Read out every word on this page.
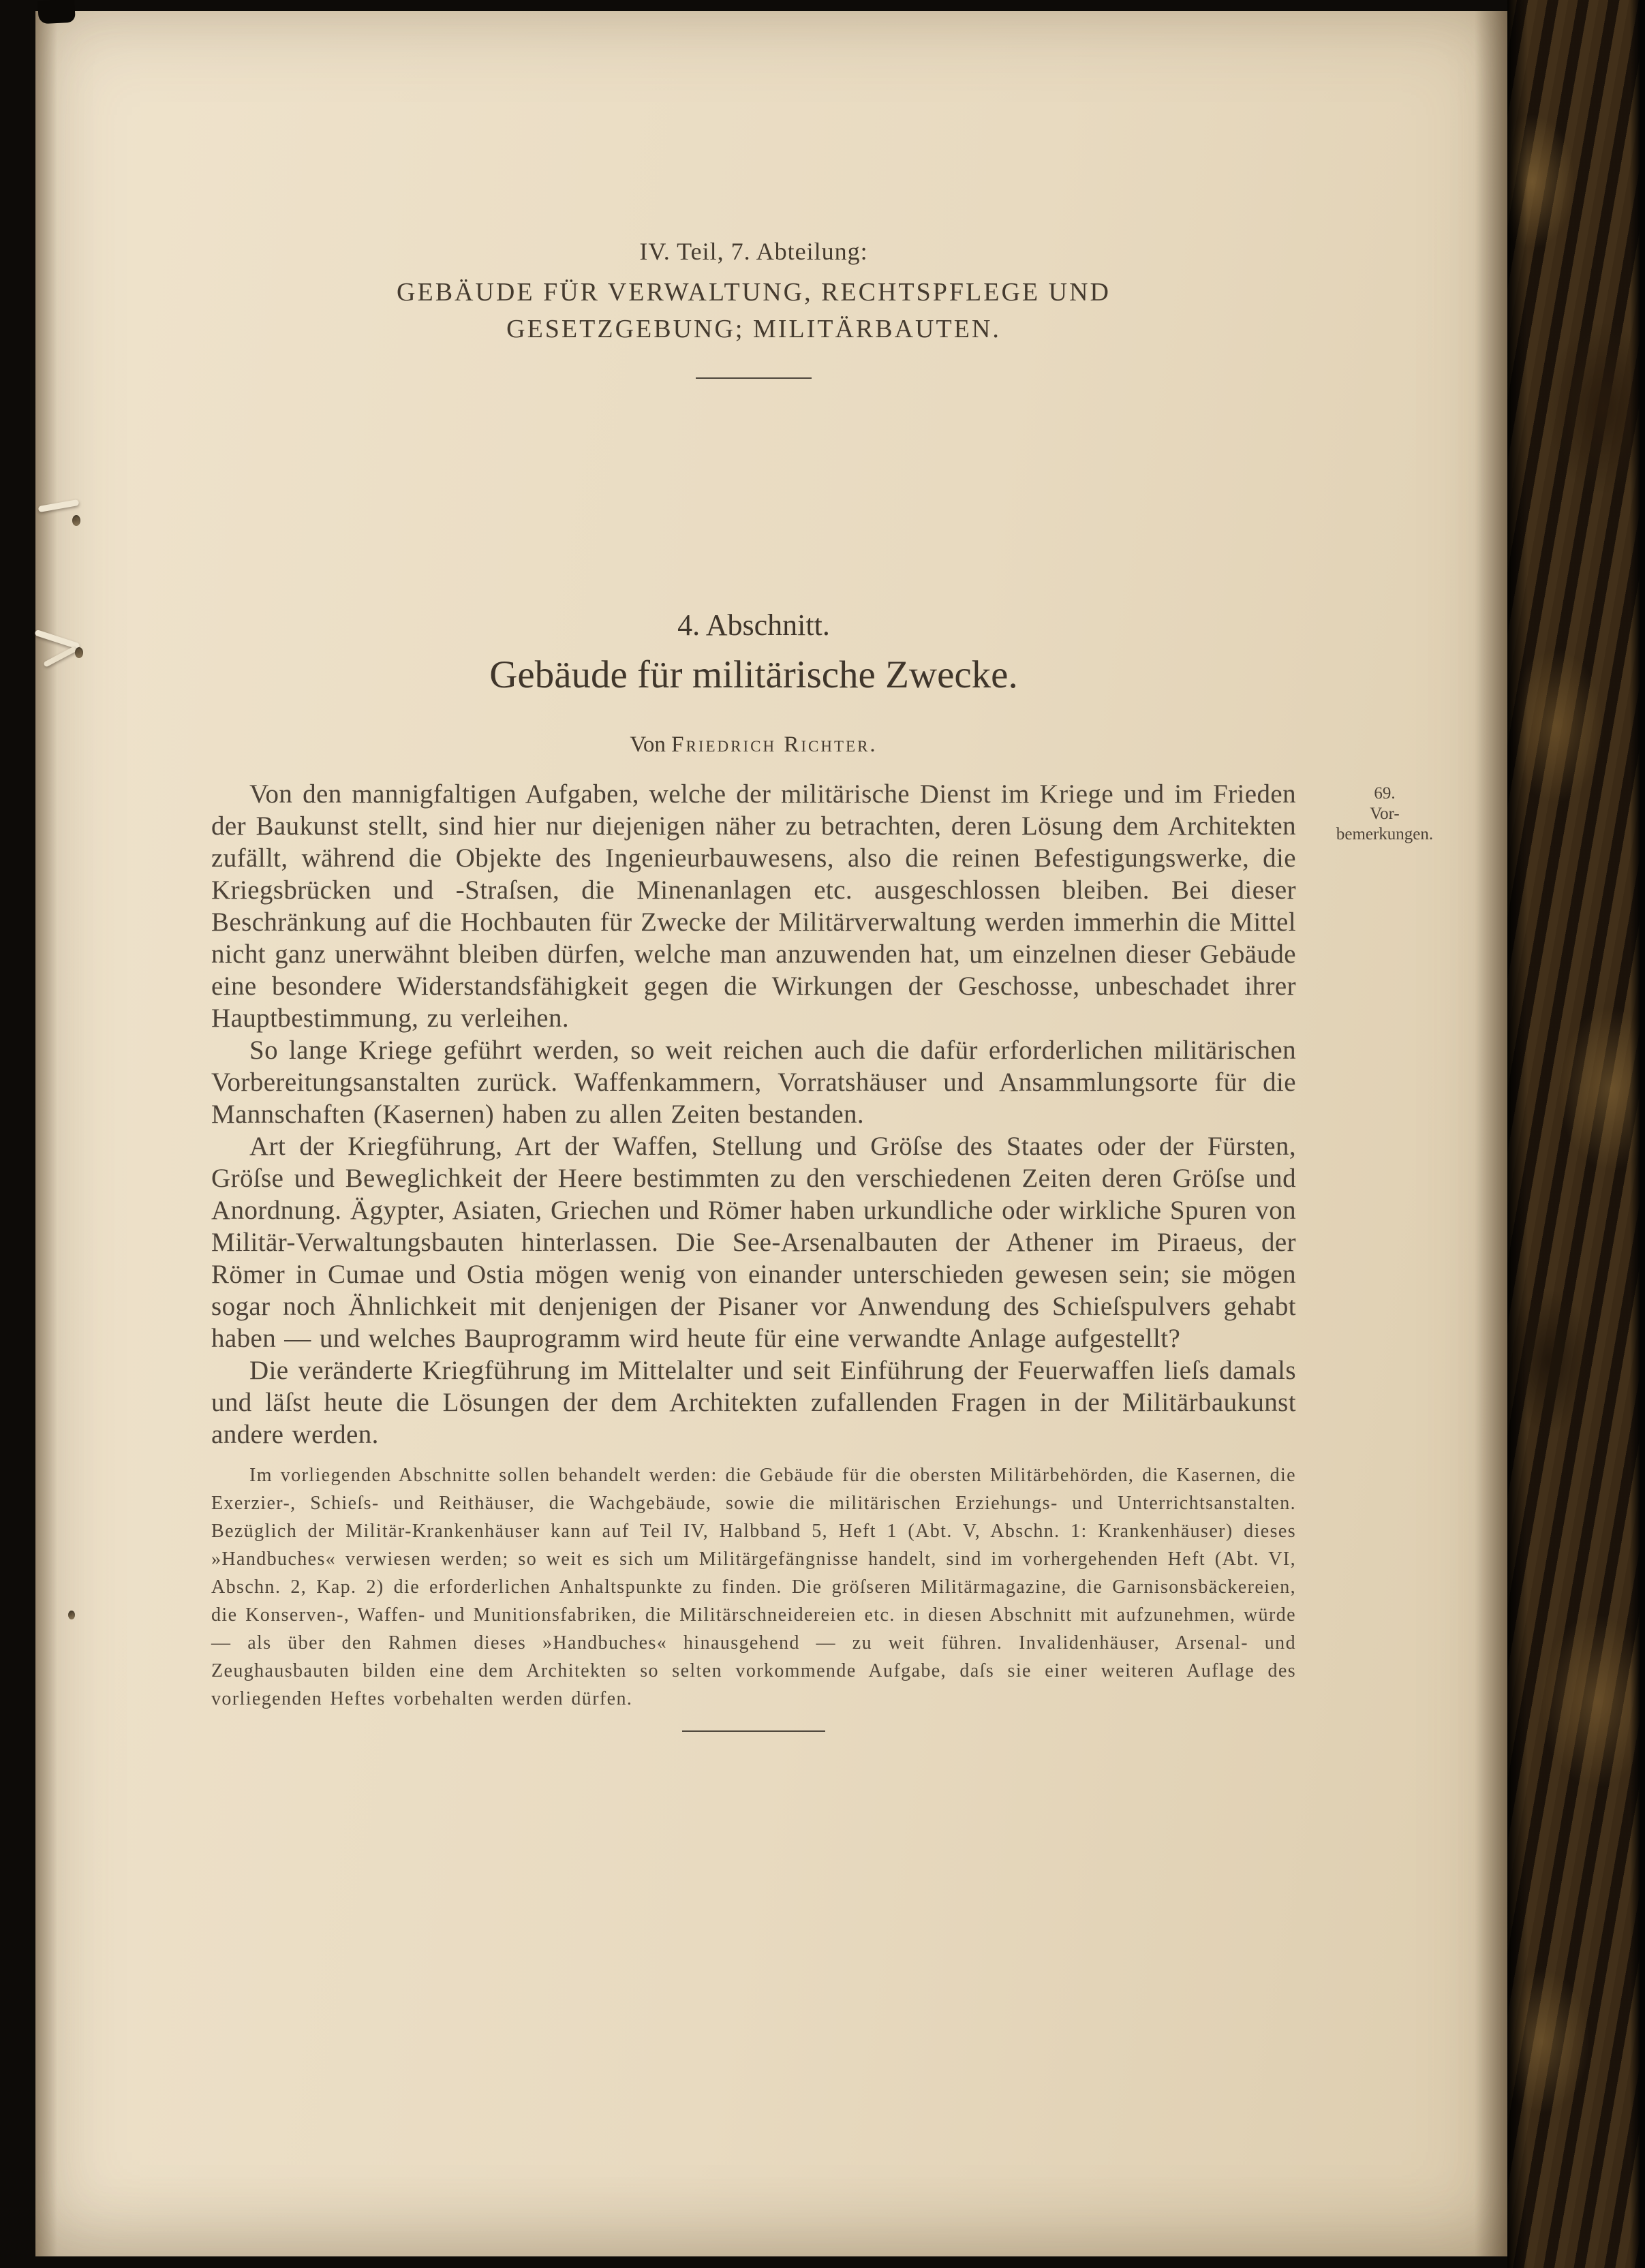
IV. Teil, 7. Abteilung:
GEBÄUDE FÜR VERWALTUNG, RECHTSPFLEGE UND
GESETZGEBUNG; MILITÄRBAUTEN.
4. Abschnitt.
Gebäude für militärische Zwecke.
Von Friedrich Richter.

Von den mannigfaltigen Aufgaben, welche der militärische Dienst im Kriege und im Frieden der Baukunst stellt, sind hier nur diejenigen näher zu betrachten, deren Lösung dem Architekten zufällt, während die Objekte des Ingenieurbauwesens, also die reinen Befestigungswerke, die Kriegsbrücken und -Straſsen, die Minenanlagen etc. ausgeschlossen bleiben. Bei dieser Beschränkung auf die Hochbauten für Zwecke der Militärverwaltung werden immerhin die Mittel nicht ganz unerwähnt bleiben dürfen, welche man anzuwenden hat, um einzelnen dieser Gebäude eine besondere Widerstandsfähigkeit gegen die Wirkungen der Geschosse, unbeschadet ihrer Hauptbestimmung, zu verleihen.

So lange Kriege geführt werden, so weit reichen auch die dafür erforderlichen militärischen Vorbereitungsanstalten zurück. Waffenkammern, Vorratshäuser und Ansammlungsorte für die Mannschaften (Kasernen) haben zu allen Zeiten bestanden.

Art der Kriegführung, Art der Waffen, Stellung und Gröſse des Staates oder der Fürsten, Gröſse und Beweglichkeit der Heere bestimmten zu den verschiedenen Zeiten deren Gröſse und Anordnung. Ägypter, Asiaten, Griechen und Römer haben urkundliche oder wirkliche Spuren von Militär-Verwaltungsbauten hinterlassen. Die See-Arsenalbauten der Athener im Piraeus, der Römer in Cumae und Ostia mögen wenig von einander unterschieden gewesen sein; sie mögen sogar noch Ähnlichkeit mit denjenigen der Pisaner vor Anwendung des Schieſspulvers gehabt haben — und welches Bauprogramm wird heute für eine verwandte Anlage aufgestellt?

Die veränderte Kriegführung im Mittelalter und seit Einführung der Feuerwaffen lieſs damals und läſst heute die Lösungen der dem Architekten zufallenden Fragen in der Militärbaukunst andere werden.

Im vorliegenden Abschnitte sollen behandelt werden: die Gebäude für die obersten Militärbehörden, die Kasernen, die Exerzier-, Schieſs- und Reithäuser, die Wachgebäude, sowie die militärischen Erziehungs- und Unterrichtsanstalten. Bezüglich der Militär-Krankenhäuser kann auf Teil IV, Halbband 5, Heft 1 (Abt. V, Abschn. 1: Krankenhäuser) dieses »Handbuches« verwiesen werden; so weit es sich um Militärgefängnisse handelt, sind im vorhergehenden Heft (Abt. VI, Abschn. 2, Kap. 2) die erforderlichen Anhaltspunkte zu finden. Die gröſseren Militärmagazine, die Garnisonsbäckereien, die Konserven-, Waffen- und Munitionsfabriken, die Militärschneidereien etc. in diesen Abschnitt mit aufzunehmen, würde — als über den Rahmen dieses »Handbuches« hinausgehend — zu weit führen. Invalidenhäuser, Arsenal- und Zeughausbauten bilden eine dem Architekten so selten vorkommende Aufgabe, daſs sie einer weiteren Auflage des vorliegenden Heftes vorbehalten werden dürfen.

69.
Vor-
bemerkungen.
